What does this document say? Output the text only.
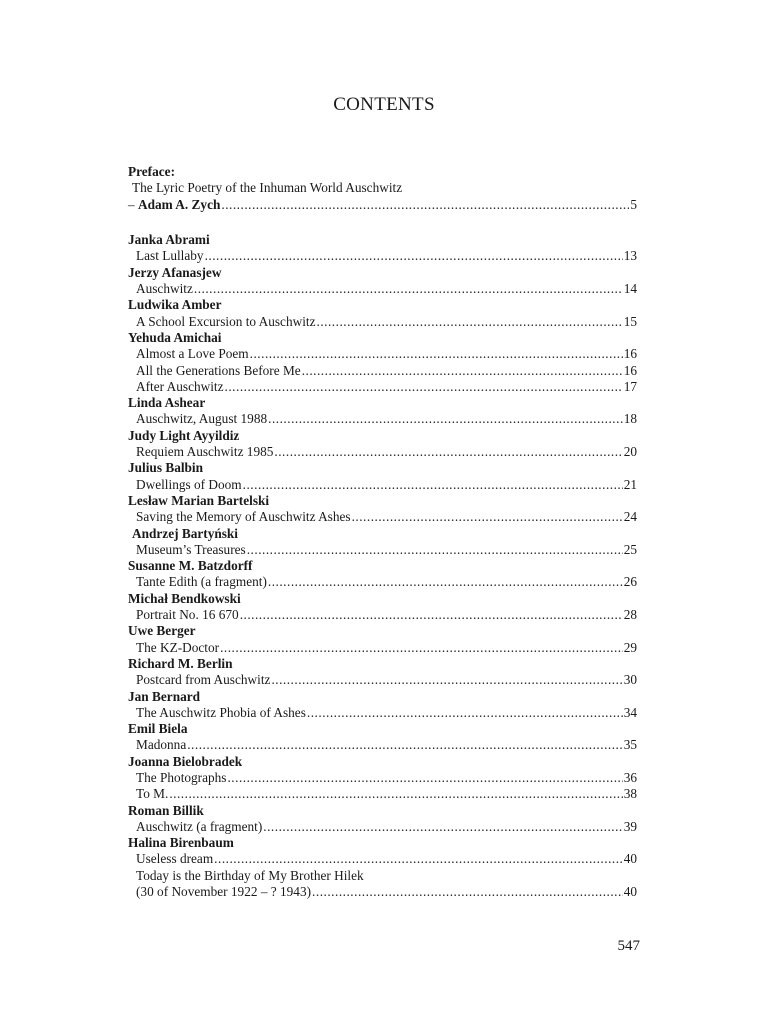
CONTENTS
Preface:
The Lyric Poetry of the Inhuman World Auschwitz
– Adam A. Zych .....	5
Janka Abrami
Last Lullaby .....	13
Jerzy Afanasjew
Auschwitz .....	14
Ludwika Amber
A School Excursion to Auschwitz .....	15
Yehuda Amichai
Almost a Love Poem .....	16
All the Generations Before Me .....	16
After Auschwitz .....	17
Linda Ashear
Auschwitz, August 1988 .....	18
Judy Light Ayyildiz
Requiem Auschwitz 1985 .....	20
Julius Balbin
Dwellings of Doom .....	21
Lesław Marian Bartelski
Saving the Memory of Auschwitz Ashes .....	24
Andrzej Bartyński
Museum’s Treasures .....	25
Susanne M. Batzdorff
Tante Edith (a fragment) .....	26
Michał Bendkowski
Portrait No. 16 670 .....	28
Uwe Berger
The KZ-Doctor .....	29
Richard M. Berlin
Postcard from Auschwitz .....	30
Jan Bernard
The Auschwitz Phobia of Ashes .....	34
Emil Biela
Madonna .....	35
Joanna Bielobradek
The Photographs .....	36
To M. .....	38
Roman Billik
Auschwitz (a fragment) .....	39
Halina Birenbaum
Useless dream .....	40
Today is the Birthday of My Brother Hilek
(30 of November 1922 – ? 1943) .....	40
547
